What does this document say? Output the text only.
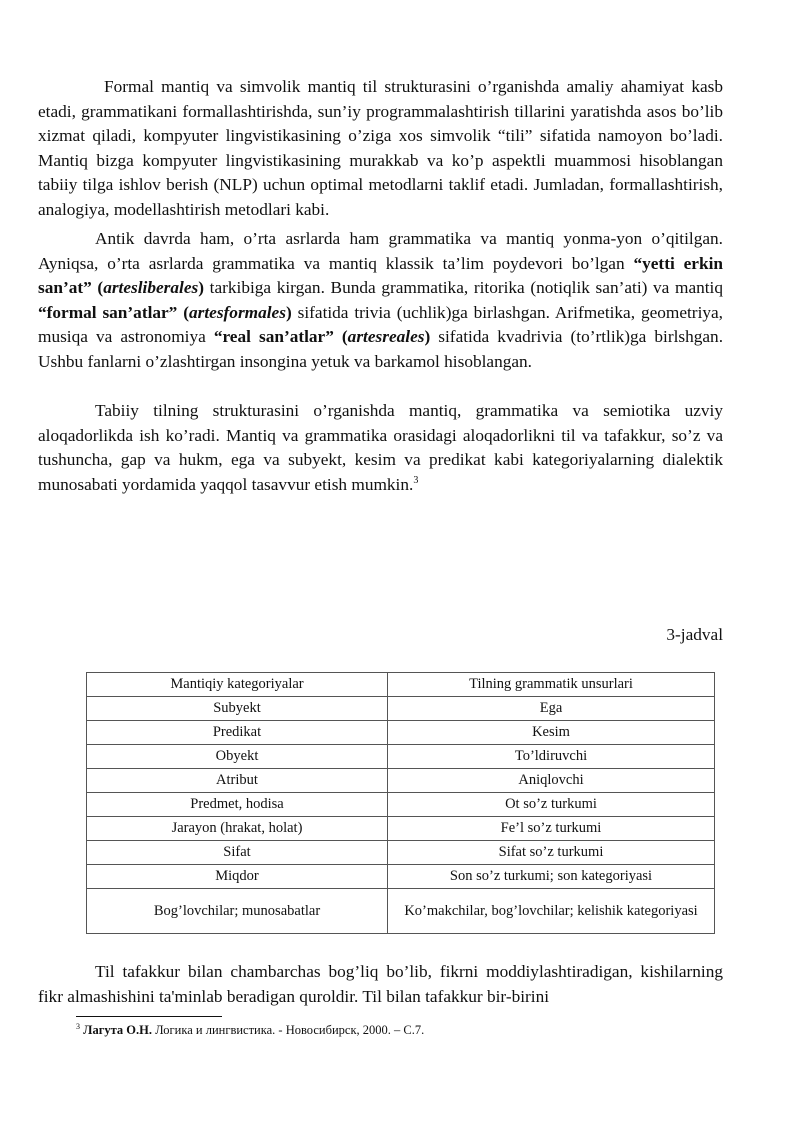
Formal mantiq va simvolik mantiq til strukturasini o’rganishda amaliy ahamiyat kasb etadi, grammatikani formallashtirishda, sun’iy programmalashtirish tillarini yaratishda asos bo’lib xizmat qiladi, kompyuter lingvistikasining o’ziga xos simvolik “tili” sifatida namoyon bo’ladi. Mantiq bizga kompyuter lingvistikasining murakkab va ko’p aspektli muammosi hisoblangan tabiiy tilga ishlov berish (NLP) uchun optimal metodlarni taklif etadi. Jumladan, formallashtirish, analogiya, modellashtirish metodlari kabi.

Antik davrda ham, o’rta asrlarda ham grammatika va mantiq yonma-yon o’qitilgan. Ayniqsa, o’rta asrlarda grammatika va mantiq klassik ta’lim poydevori bo’lgan “yetti erkin san’at” (artesliberales) tarkibiga kirgan. Bunda grammatika, ritorika (notiqlik san’ati) va mantiq “formal san’atlar” (artesformales) sifatida trivia (uchlik)ga birlashgan. Arifmetika, geometriya, musiqa va astronomiya “real san’atlar” (artesreales) sifatida kvadrivia (to’rtlik)ga birlshgan. Ushbu fanlarni o’zlashtirgan insongina yetuk va barkamol hisoblangan.

Tabiiy tilning strukturasini o’rganishda mantiq, grammatika va semiotika uzviy aloqadorlikda ish ko’radi. Mantiq va grammatika orasidagi aloqadorlikni til va tafakkur, so’z va tushuncha, gap va hukm, ega va subyekt, kesim va predikat kabi kategoriyalarning dialektik munosabati yordamida yaqqol tasavvur etish mumkin.$^3$

3-jadval
Mantiqiy kategoriyalar	Tilning grammatik unsurlari
Subyekt	Ega
Predikat	Kesim
Obyekt	To’ldiruvchi
Atribut	Aniqlovchi
Predmet, hodisa	Ot so’z turkumi
Jarayon (hrakat, holat)	Fe’l so’z turkumi
Sifat	Sifat so’z turkumi
Miqdor	Son so’z turkumi; son kategoriyasi
Bog’lovchilar; munosabatlar	Ko’makchilar, bog’lovchilar; kelishik kategoriyasi

Til tafakkur bilan chambarchas bog’liq bo’lib, fikrni moddiylashtiradigan, kishilarning fikr almashishini ta'minlab beradigan quroldir. Til bilan tafakkur bir-birini

$^3$ Лагута О.Н. Логика и лингвистика. - Новосибирск, 2000. – С.7.
